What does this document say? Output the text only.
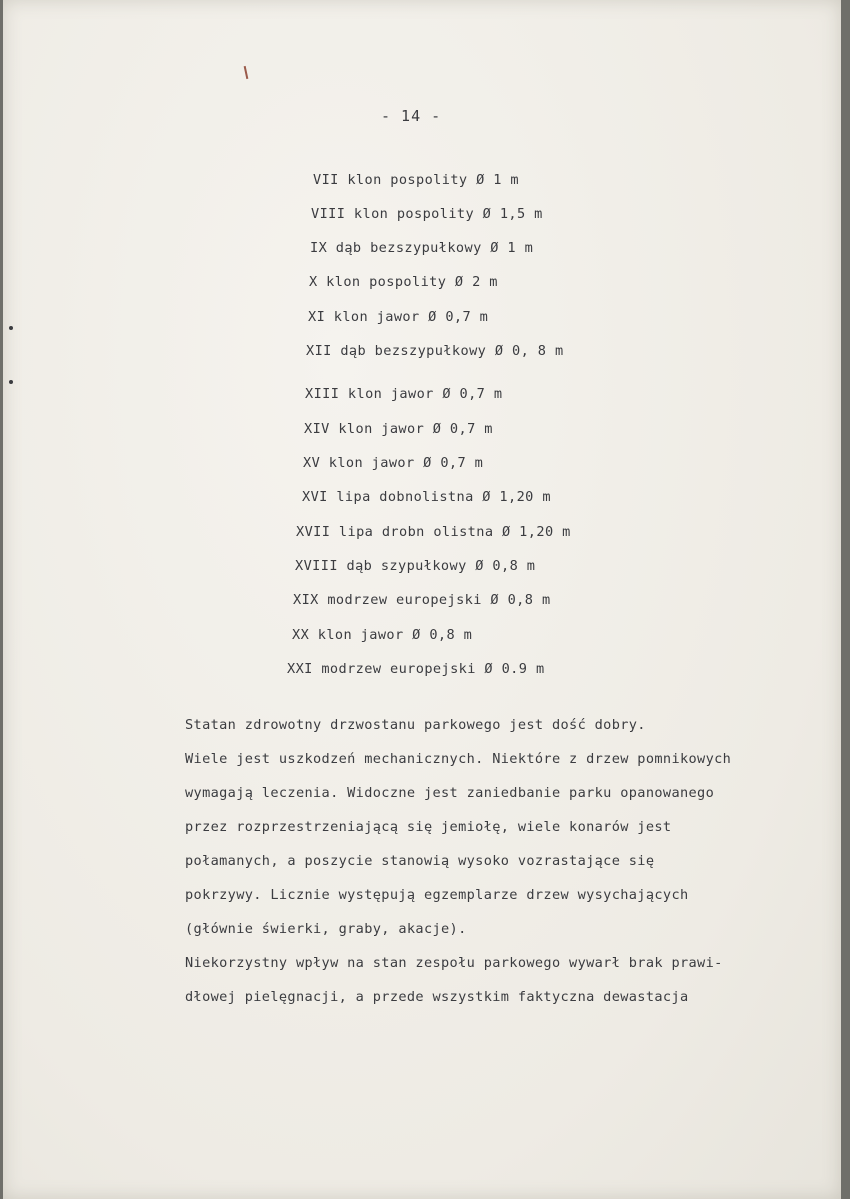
- 14 -
VII klon pospolity Ø 1 m
VIII klon pospolity Ø 1,5 m
IX dąb bezszypułkowy Ø 1 m
X klon pospolity Ø 2 m
XI klon jawor Ø 0,7 m
XII dąb bezszypułkowy Ø 0, 8 m
XIII klon jawor Ø 0,7 m
XIV klon jawor Ø 0,7 m
XV klon jawor Ø 0,7 m
XVI lipa dobnolistna Ø 1,20 m
XVII lipa drobn olistna Ø 1,20 m
XVIII dąb szypułkowy Ø 0,8 m
XIX modrzew europejski Ø 0,8 m
XX klon jawor Ø 0,8 m
XXI modrzew europejski Ø 0.9 m
Statan zdrowotny drzwostanu parkowego jest dość dobry.
Wiele jest uszkodzeń mechanicznych. Niektóre z drzew pomnikowych
wymagają leczenia. Widoczne jest zaniedbanie parku opanowanego
przez rozprzestrzeniającą się jemiołę, wiele konarów jest
połamanych, a poszycie stanowią wysoko vozrastające się
pokrzywy. Licznie występują egzemplarze drzew wysychających
(głównie świerki, graby, akacje).
Niekorzystny wpływ na stan zespołu parkowego wywarł brak prawi-
dłowej pielęgnacji, a przede wszystkim faktyczna dewastacja
